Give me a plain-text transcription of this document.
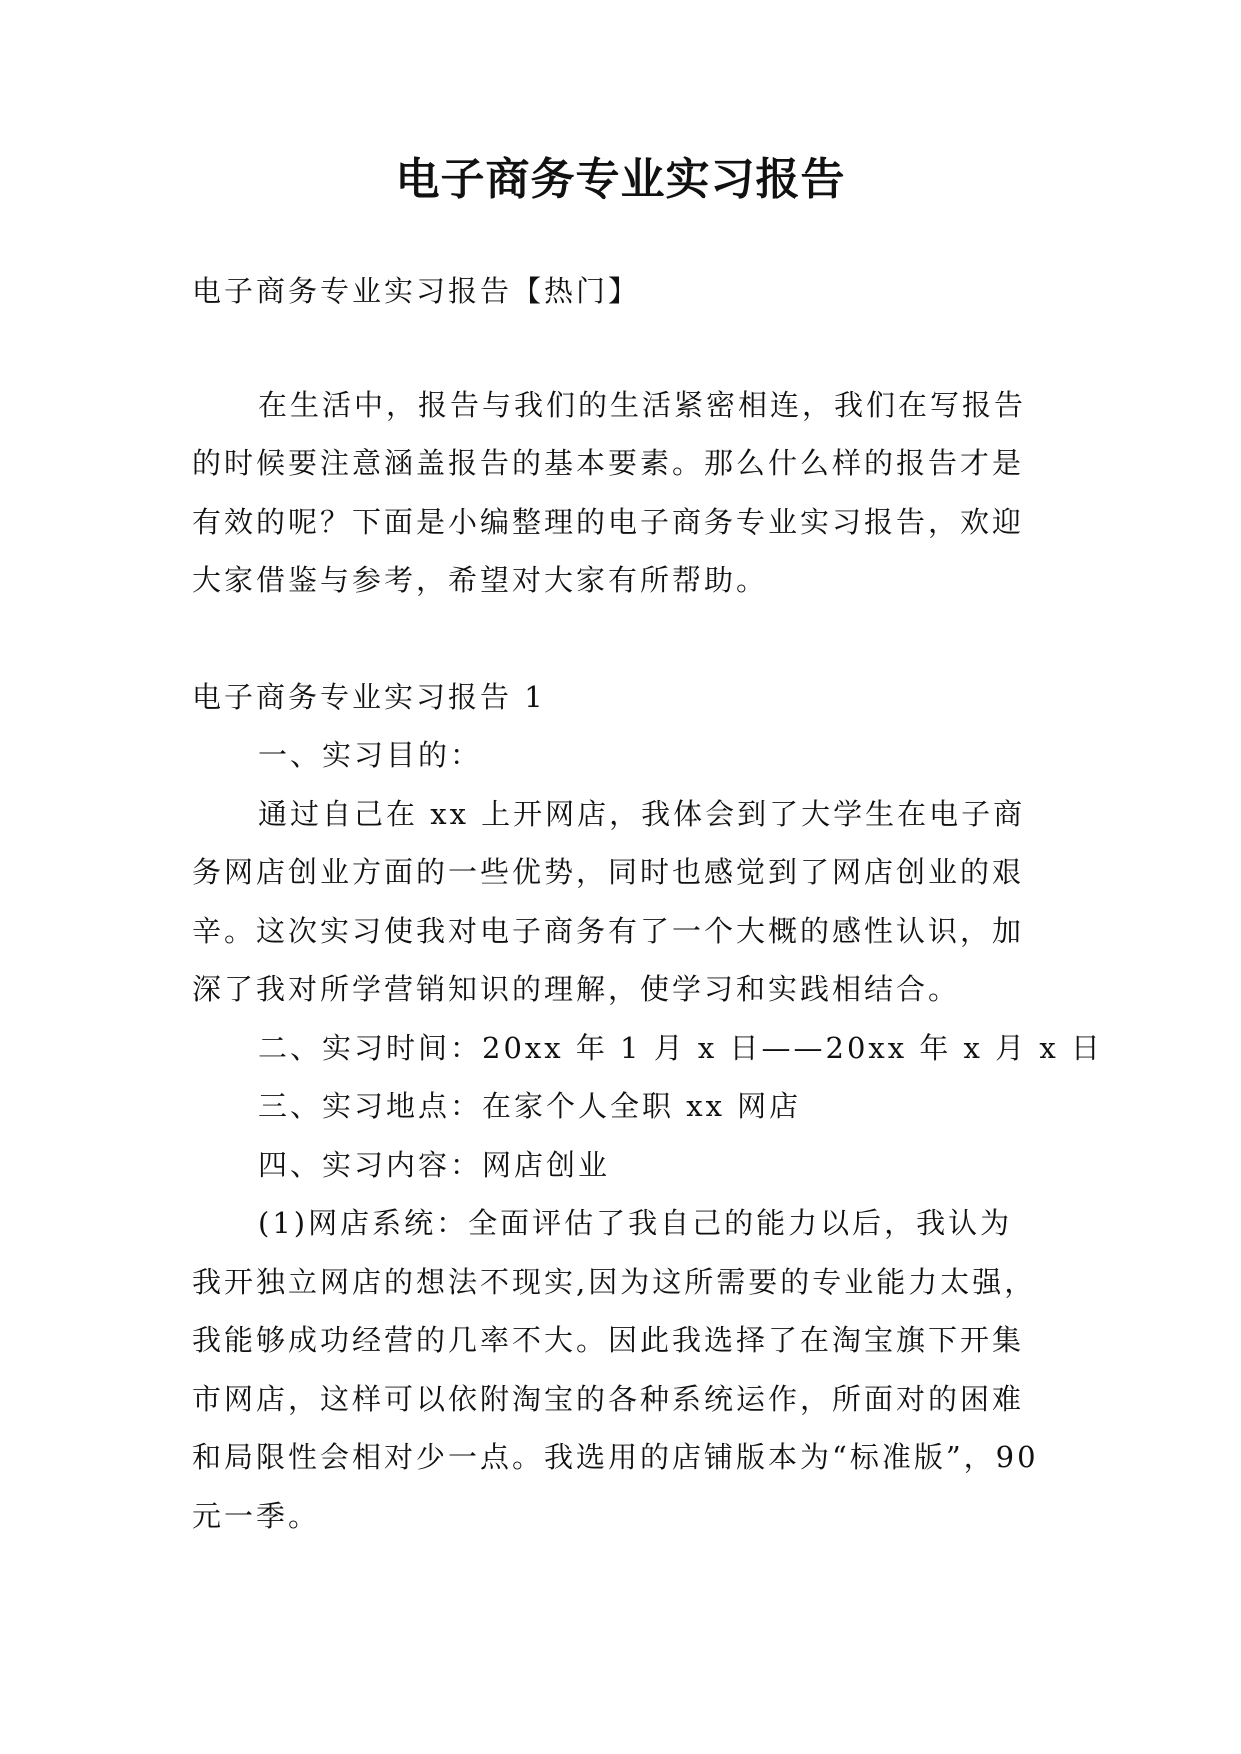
电子商务专业实习报告

电子商务专业实习报告【热门】

在生活中，报告与我们的生活紧密相连，我们在写报告

的时候要注意涵盖报告的基本要素。那么什么样的报告才是

有效的呢？下面是小编整理的电子商务专业实习报告，欢迎

大家借鉴与参考，希望对大家有所帮助。

电子商务专业实习报告 1

一、实习目的：

通过自己在 xx 上开网店，我体会到了大学生在电子商

务网店创业方面的一些优势，同时也感觉到了网店创业的艰

辛。这次实习使我对电子商务有了一个大概的感性认识，加

深了我对所学营销知识的理解，使学习和实践相结合。

二、实习时间：20xx 年 1 月 x 日——20xx 年 x 月 x 日

三、实习地点：在家个人全职 xx 网店

四、实习内容：网店创业

(1)网店系统：全面评估了我自己的能力以后，我认为

我开独立网店的想法不现实,因为这所需要的专业能力太强，

我能够成功经营的几率不大。因此我选择了在淘宝旗下开集

市网店，这样可以依附淘宝的各种系统运作，所面对的困难

和局限性会相对少一点。我选用的店铺版本为“标准版”，90

元一季。
